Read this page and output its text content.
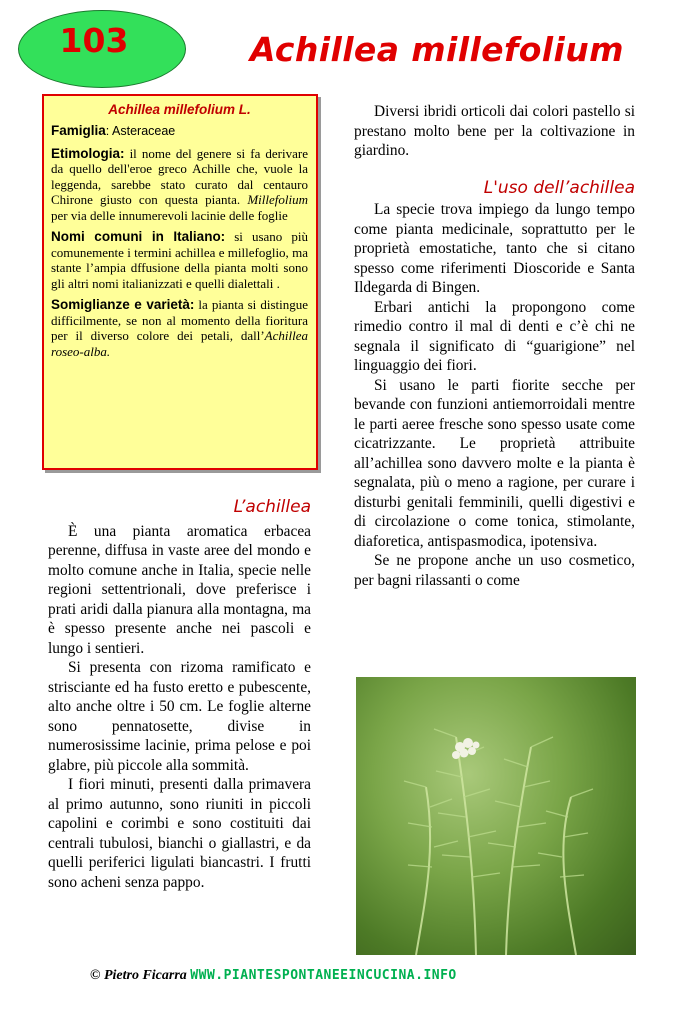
103	Achillea millefolium
Achillea millefolium L.
Famiglia: Asteraceae
Etimologia: il nome del genere si fa derivare da quello dell'eroe greco Achille che, vuole la leggenda, sarebbe stato curato dal centauro Chirone giusto con questa pianta. Millefolium per via delle innumerevoli lacinie delle foglie
Nomi comuni in Italiano: si usano più comunemente i termini achillea e millefoglio, ma stante l’ampia dffusione della pianta molti sono gli altri nomi italianizzati e quelli dialettali .
Somiglianze e varietà: la pianta si distingue difficilmente, se non al momento della fioritura per il diverso colore dei petali, dall’Achillea roseo-alba.
L’achillea

È una pianta aromatica erbacea perenne, diffusa in vaste aree del mondo e molto comune anche in Italia, specie nelle regioni settentrionali, dove preferisce i prati aridi dalla pianura alla montagna, ma è spesso presente anche nei pascoli e lungo i sentieri.

Si presenta con rizoma ramificato e strisciante ed ha fusto eretto e pubescente, alto anche oltre i 50 cm. Le foglie alterne sono pennatosette, divise in numerosissime lacinie, prima pelose e poi glabre, più piccole alla sommità.

I fiori minuti, presenti dalla primavera al primo autunno, sono riuniti in piccoli capolini e corimbi e sono costituiti dai centrali tubulosi, bianchi o giallastri, e da quelli periferici ligulati biancastri. I frutti sono acheni senza pappo.

Diversi ibridi orticoli dai colori pastello si prestano molto bene per la coltivazione in giardino.

L'uso dell’achillea

La specie trova impiego da lungo tempo come pianta medicinale, soprattutto per le proprietà emostatiche, tanto che si citano spesso come riferimenti Dioscoride e Santa Ildegarda di Bingen.

Erbari antichi la propongono come rimedio contro il mal di denti e c’è chi ne segnala il significato di “guarigione” nel linguaggio dei fiori.

Si usano le parti fiorite secche per bevande con funzioni antiemorroidali mentre le parti aeree fresche sono spesso usate come cicatrizzante. Le proprietà attribuite all’achillea sono davvero molte e la pianta è segnalata, più o meno a ragione, per curare i disturbi genitali femminili, quelli digestivi e di circolazione o come tonica, stimolante, diaforetica, antispasmodica, ipotensiva.

Se ne propone anche un uso cosmetico, per bagni rilassanti o come

© Pietro Ficarra WWW.PIANTESPONTANEEINCUCINA.INFO
